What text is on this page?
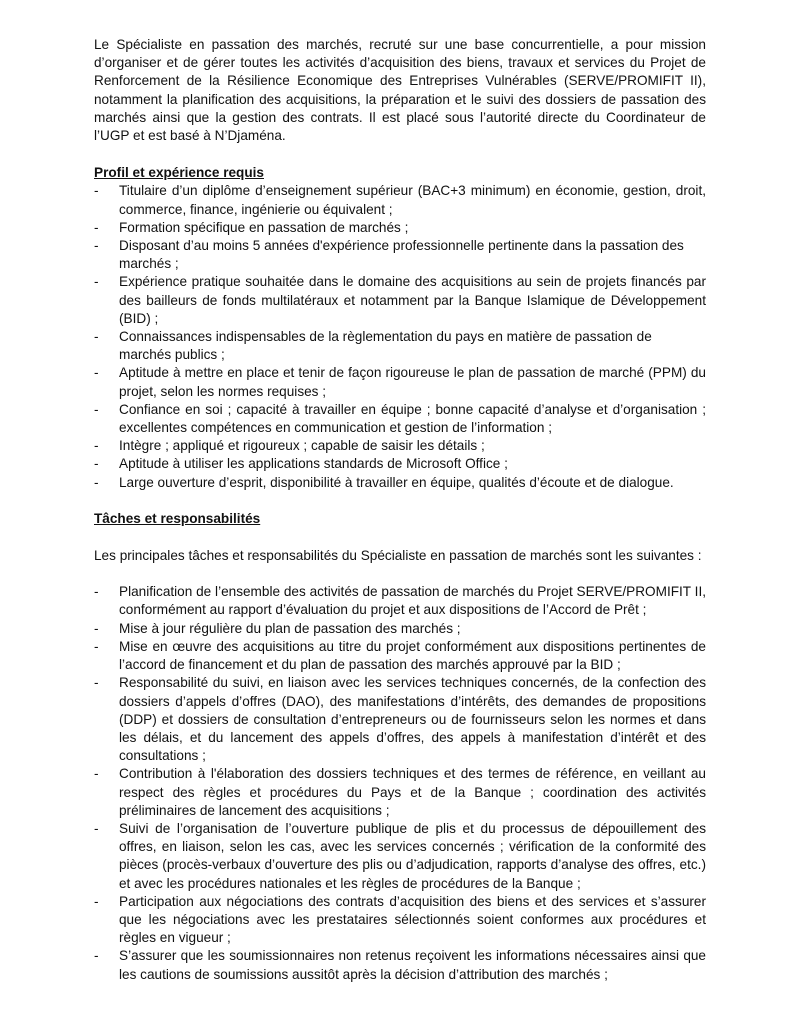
Le Spécialiste en passation des marchés, recruté sur une base concurrentielle, a pour mission d’organiser et de gérer toutes les activités d’acquisition des biens, travaux et services du Projet de Renforcement de la Résilience Economique des Entreprises Vulnérables (SERVE/PROMIFIT II), notamment la planification des acquisitions, la préparation et le suivi des dossiers de passation des marchés ainsi que la gestion des contrats. Il est placé sous l’autorité directe du Coordinateur de l’UGP et est basé à N’Djaména.

Profil et expérience requis
- Titulaire d’un diplôme d’enseignement supérieur (BAC+3 minimum) en économie, gestion, droit, commerce, finance, ingénierie ou équivalent ;
- Formation spécifique en passation de marchés ;
- Disposant d’au moins 5 années d'expérience professionnelle pertinente dans la passation des marchés ;
- Expérience pratique souhaitée dans le domaine des acquisitions au sein de projets financés par des bailleurs de fonds multilatéraux et notamment par la Banque Islamique de Développement (BID) ;
- Connaissances indispensables de la règlementation du pays en matière de passation de marchés publics ;
- Aptitude à mettre en place et tenir de façon rigoureuse le plan de passation de marché (PPM) du projet, selon les normes requises ;
- Confiance en soi ; capacité à travailler en équipe ; bonne capacité d’analyse et d’organisation ; excellentes compétences en communication et gestion de l’information ;
- Intègre ; appliqué et rigoureux ; capable de saisir les détails ;
- Aptitude à utiliser les applications standards de Microsoft Office ;
- Large ouverture d’esprit, disponibilité à travailler en équipe, qualités d’écoute et de dialogue.
Tâches et responsabilités

Les principales tâches et responsabilités du Spécialiste en passation de marchés sont les suivantes :

- Planification de l’ensemble des activités de passation de marchés du Projet SERVE/PROMIFIT II, conformément au rapport d’évaluation du projet et aux dispositions de l’Accord de Prêt ;
- Mise à jour régulière du plan de passation des marchés ;
- Mise en œuvre des acquisitions au titre du projet conformément aux dispositions pertinentes de l’accord de financement et du plan de passation des marchés approuvé par la BID ;
- Responsabilité du suivi, en liaison avec les services techniques concernés, de la confection des dossiers d’appels d’offres (DAO), des manifestations d’intérêts, des demandes de propositions (DDP) et dossiers de consultation d’entrepreneurs ou de fournisseurs selon les normes et dans les délais, et du lancement des appels d’offres, des appels à manifestation d’intérêt et des consultations ;
- Contribution à l'élaboration des dossiers techniques et des termes de référence, en veillant au respect des règles et procédures du Pays et de la Banque ; coordination des activités préliminaires de lancement des acquisitions ;
- Suivi de l’organisation de l’ouverture publique de plis et du processus de dépouillement des offres, en liaison, selon les cas, avec les services concernés ; vérification de la conformité des pièces (procès-verbaux d’ouverture des plis ou d’adjudication, rapports d’analyse des offres, etc.) et avec les procédures nationales et les règles de procédures de la Banque ;
- Participation aux négociations des contrats d’acquisition des biens et des services et s’assurer que les négociations avec les prestataires sélectionnés soient conformes aux procédures et règles en vigueur ;
- S’assurer que les soumissionnaires non retenus reçoivent les informations nécessaires ainsi que les cautions de soumissions aussitôt après la décision d’attribution des marchés ;
